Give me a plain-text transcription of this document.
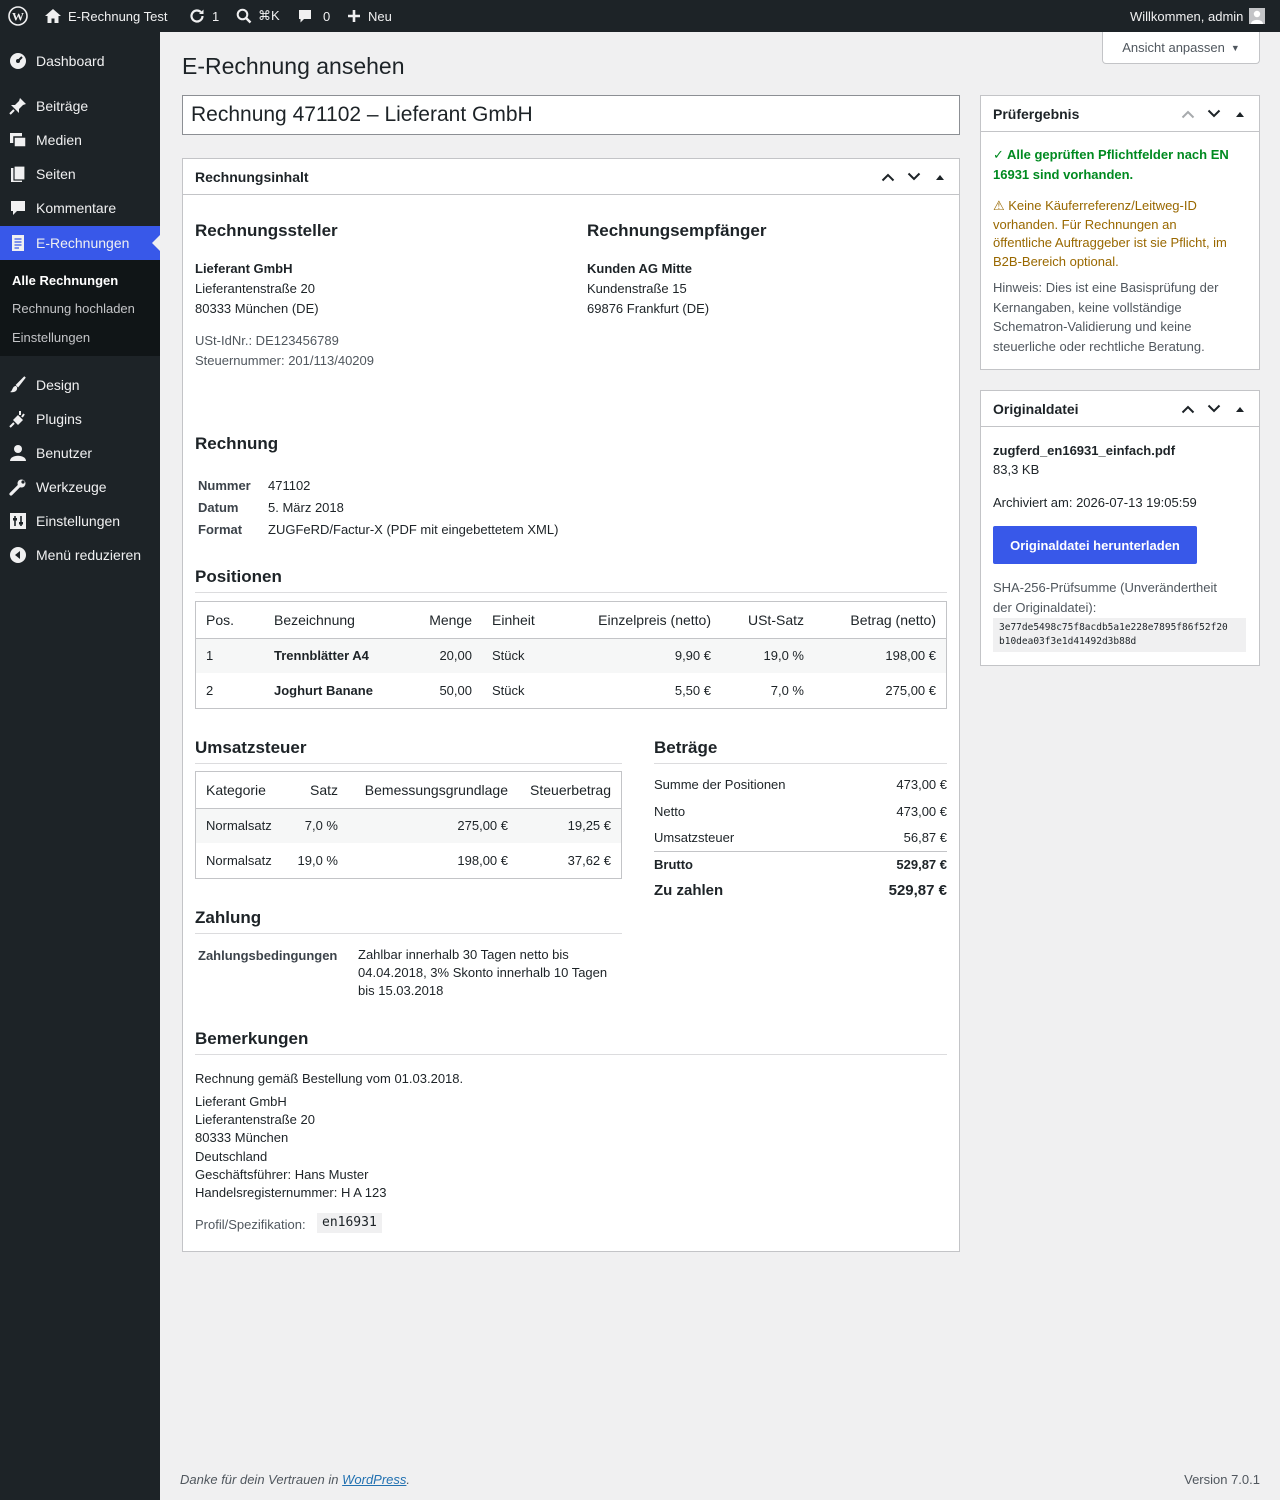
W	E-Rechnung Test	1	⌘K	0	Neu	Willkommen, admin
Dashboard
Beiträge
Medien
Seiten
Kommentare
E-Rechnungen
Alle Rechnungen
Rechnung hochladen
Einstellungen
Design
Plugins
Benutzer
Werkzeuge
Einstellungen
Menü reduzieren
Ansicht anpassen ▼
E-Rechnung ansehen
Rechnung 471102 – Lieferant GmbH
Rechnungsinhalt
Rechnungssteller
Lieferant GmbH
Lieferantenstraße 20
80333 München (DE)
USt-IdNr.: DE123456789
Steuernummer: 201/113/40209
Rechnungsempfänger
Kunden AG Mitte
Kundenstraße 15
69876 Frankfurt (DE)
Rechnung
Nummer 471102
Datum 5. März 2018
Format ZUGFeRD/Factur-X (PDF mit eingebettetem XML)
Positionen
Pos.	Bezeichnung	Menge	Einheit	Einzelpreis (netto)	USt-Satz	Betrag (netto)
1	Trennblätter A4	20,00	Stück	9,90 €	19,0 %	198,00 €
2	Joghurt Banane	50,00	Stück	5,50 €	7,0 %	275,00 €
Umsatzsteuer
Kategorie	Satz	Bemessungsgrundlage	Steuerbetrag
Normalsatz	7,0 %	275,00 €	19,25 €
Normalsatz	19,0 %	198,00 €	37,62 €
Beträge
Summe der Positionen	473,00 €
Netto	473,00 €
Umsatzsteuer	56,87 €
Brutto	529,87 €
Zu zahlen	529,87 €
Zahlung
Zahlungsbedingungen Zahlbar innerhalb 30 Tagen netto bis
04.04.2018, 3% Skonto innerhalb 10 Tagen
bis 15.03.2018
Bemerkungen
Rechnung gemäß Bestellung vom 01.03.2018.
Lieferant GmbH
Lieferantenstraße 20
80333 München
Deutschland
Geschäftsführer: Hans Muster
Handelsregisternummer: H A 123
Profil/Spezifikation:	en16931
Prüfergebnis
✓ Alle geprüften Pflichtfelder nach EN
16931 sind vorhanden.
⚠ Keine Käuferreferenz/Leitweg-ID
vorhanden. Für Rechnungen an
öffentliche Auftraggeber ist sie Pflicht, im
B2B-Bereich optional.
Hinweis: Dies ist eine Basisprüfung der
Kernangaben, keine vollständige
Schematron-Validierung und keine
steuerliche oder rechtliche Beratung.
Originaldatei
zugferd_en16931_einfach.pdf
83,3 KB
Archiviert am: 2026-07-13 19:05:59
Originaldatei herunterladen
SHA-256-Prüfsumme (Unverändertheit
der Originaldatei):
3e77de5498c75f8acdb5a1e228e7895f86f52f20
b10dea03f3e1d41492d3b88d
Danke für dein Vertrauen in WordPress.	Version 7.0.1
